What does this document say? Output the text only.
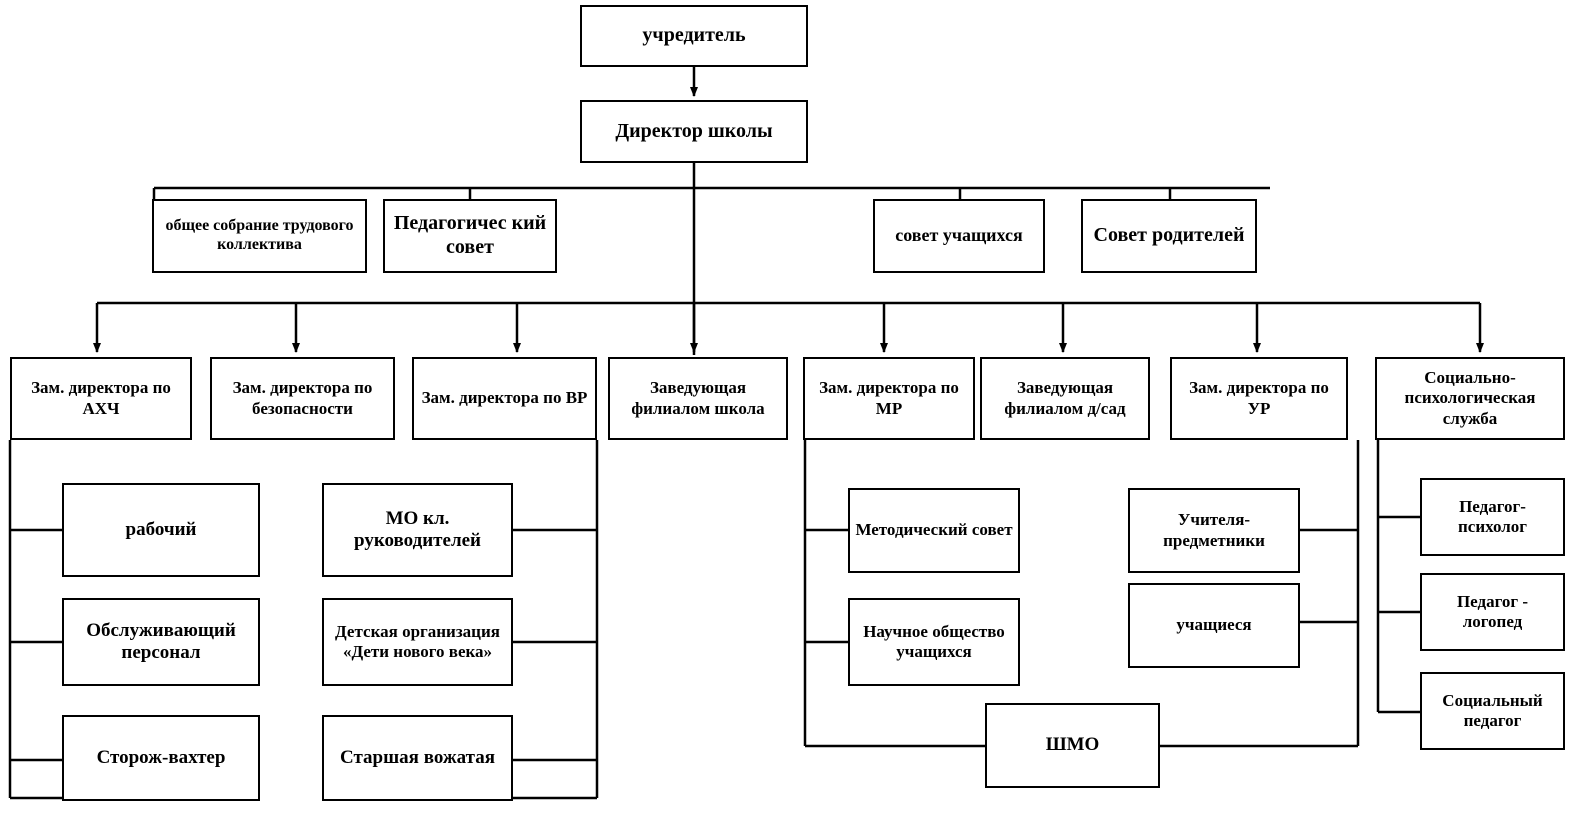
учредитель
Директор школы
общее собрание трудового коллектива
Педагогичес кий совет
совет учащихся	Совет родителей
Зам. директора по АХЧ
Зам. директора по безопасности
Зам. директора по ВР
Заведующая филиалом школа
Зам. директора по МР
Заведующая филиалом д/сад
Зам. директора по УР
Социально-психологическая служба
рабочий
Обслуживающий персонал
Сторож-вахтер
МО кл. руководителей
Детская организация «Дети нового века»
Старшая вожатая
Методический совет
Научное общество учащихся
ШМО
Учителя-предметники
учащиеся
Педагог-психолог
Педагог - логопед
Социальный педагог
